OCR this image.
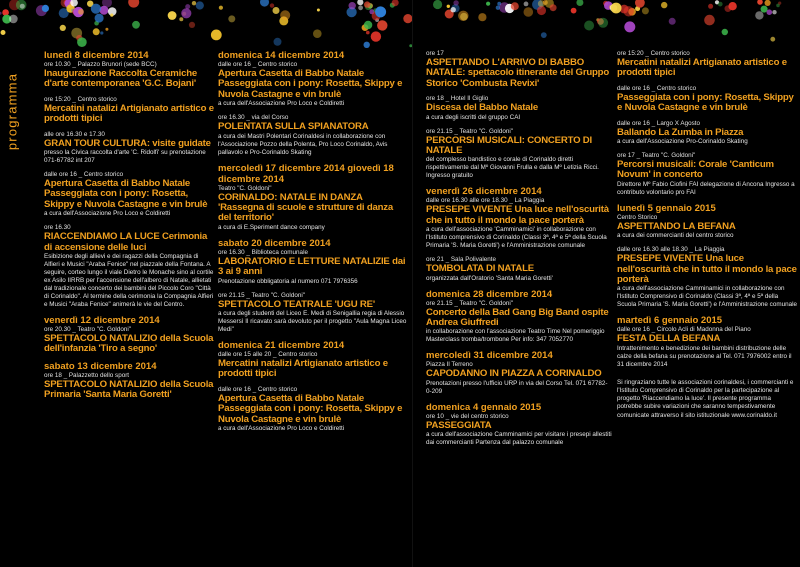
programma
lunedì 8 dicembre 2014
ore 10.30 _ Palazzo Brunori (sede BCC)
Inaugurazione Raccolta Ceramiche d'arte contemporanea 'G.C. Bojani'
ore 15:20 _ Centro storico
Mercatini natalizi Artigianato artistico e prodotti tipici
alle ore 16.30 e 17.30
GRAN TOUR CULTURA: visite guidate
presso la Civica raccolta d'arte 'C. Ridolfi' su prenotazione 071-67782 int 207
dalle ore 16 _ Centro storico
Apertura Casetta di Babbo Natale Passeggiata con i pony: Rosetta, Skippy e Nuvola Castagne e vin brulè
a cura dell'Associazione Pro Loco e Coldiretti
ore 16.30
RIACCENDIAMO LA LUCE Cerimonia di accensione delle luci
Esibizione degli allievi e dei ragazzi della Compagnia di Alfieri e Musici "Araba Fenice" nel piazzale della Fontana. A seguire, corteo lungo il viale Dietro le Monache sino al cortile ex Asilo IIRRB per l'accensione dell'albero di Natale, allietati dal tradizionale concerto dei bambini del Piccolo Coro "Città di Corinaldo". Al termine della cerimonia la Compagnia Alfieri e Musici "Araba Fenice" animerà le vie del Centro.
venerdì 12 dicembre 2014
ore 20.30 _ Teatro "C. Goldoni"
SPETTACOLO NATALIZIO della Scuola dell'infanzia 'Tiro a segno'
sabato 13 dicembre 2014
ore 18 _ Palazzetto dello sport
SPETTACOLO NATALIZIO della Scuola Primaria 'Santa Maria Goretti'
domenica 14 dicembre 2014
dalle ore 16 _ Centro storico
Apertura Casetta di Babbo Natale Passeggiata con i pony: Rosetta, Skippy e Nuvola Castagne e vin brulè
a cura dell'Associazione Pro Loco e Coldiretti
ore 16.30 _ via del Corso
POLENTATA SULLA SPIANATORA
a cura dei Mastri Polentari Corinaldesi in collaborazione con l'Associazione Pozzo della Polenta, Pro Loco Corinaldo, Avis pallavolo e Pro-Corinaldo Skating
mercoledì 17 dicembre 2014 giovedì 18 dicembre 2014
Teatro "C. Goldoni"
CORINALDO: NATALE IN DANZA 'Rassegna di scuole e strutture di danza del territorio'
a cura di E.Speriment dance company
sabato 20 dicembre 2014
ore 16.30 _ Biblioteca comunale
LABORATORIO E LETTURE NATALIZIE dai 3 ai 9 anni
Prenotazione obbligatoria al numero 071 7976356
ore 21.15 _ Teatro "C. Goldoni"
SPETTACOLO TEATRALE 'UGU RE'
a cura degli studenti del Liceo E. Medi di Senigallia regia di Alessio Messersì Il ricavato sarà devoluto per il progetto "Aula Magna Liceo Medi"
domenica 21 dicembre 2014
dalle ore 15 alle 20 _ Centro storico
Mercatini natalizi Artigianato artistico e prodotti tipici
dalle ore 16 _ Centro storico
Apertura Casetta di Babbo Natale Passeggiata con i pony: Rosetta, Skippy e Nuvola Castagne e vin brulè
a cura dell'Associazione Pro Loco e Coldiretti
ore 17
ASPETTANDO L'ARRIVO DI BABBO NATALE: spettacolo itinerante del Gruppo Storico 'Combusta Revixi'
ore 18 _ Hotel Il Giglio
Discesa del Babbo Natale
a cura degli iscritti del gruppo CAI
ore 21.15 _ Teatro "C. Goldoni"
PERCORSI MUSICALI: CONCERTO DI NATALE
del complesso bandistico e corale di Corinaldo diretti rispettivamente dal Mº Giovanni Frulla e dalla Mº Letizia Ricci. Ingresso gratuito
venerdì 26 dicembre 2014
dalle ore 16.30 alle ore 18.30 _ La Piaggia
PRESEPE VIVENTE Una luce nell'oscurità che in tutto il mondo la pace porterà
a cura dell'associazione 'Camminamici' in collaborazione con l'Istituto comprensivo di Corinaldo (Classi 3ª, 4ª e 5ª della Scuola Primaria 'S. Maria Goretti') e l'Amministrazione comunale
ore 21 _ Sala Polivalente
TOMBOLATA DI NATALE
organizzata dall'Oratorio 'Santa Maria Goretti'
domenica 28 dicembre 2014
ore 21.15 _ Teatro "C. Goldoni"
Concerto della Bad Gang Big Band ospite Andrea Giuffredi
in collaborazione con l'associazione Teatro Time Nel pomeriggio Masterclass tromba/trombone Per info: 347 7052770
mercoledì 31 dicembre 2014
Piazza Il Terreno
CAPODANNO IN PIAZZA A CORINALDO
Prenotazioni presso l'ufficio URP in via del Corso Tel. 071 67782-0-209
domenica 4 gennaio 2015
ore 10 _ vie del centro storico
PASSEGGIATA
a cura dell'associazione Camminamici per visitare i presepi allestiti dai commercianti Partenza dal palazzo comunale
ore 15:20 _ Centro storico
Mercatini natalizi Artigianato artistico e prodotti tipici
dalle ore 16 _ Centro storico
Passeggiata con i pony: Rosetta, Skippy e Nuvola Castagne e vin brulè
dalle ore 16 _ Largo X Agosto
Ballando La Zumba in Piazza
a cura dell'Associazione Pro-Corinaldo Skating
ore 17 _ Teatro "C. Goldoni"
Percorsi musicali: Corale 'Canticum Novum' in concerto
Direttore Mº Fabio Ciofini FAI delegazione di Ancona Ingresso a contributo volontario pro FAI
lunedì 5 gennaio 2015
Centro Storico
ASPETTANDO LA BEFANA
a cura dei commercianti del centro storico
dalle ore 16.30 alle 18.30 _ La Piaggia
PRESEPE VIVENTE Una luce nell'oscurità che in tutto il mondo la pace porterà
a cura dell'associazione Camminamici in collaborazione con l'Istituto Comprensivo di Corinaldo (Classi 3ª, 4ª e 5ª della Scuola Primaria 'S. Maria Goretti') e l'Amministrazione comunale
martedì 6 gennaio 2015
dalle ore 16 _ Circolo Acli di Madonna del Piano
FESTA DELLA BEFANA
Intrattenimento e benedizione dei bambini distribuzione delle calze della befana su prenotazione al Tel. 071 7976002 entro il 31 dicembre 2014
Si ringraziano tutte le associazioni corinaldesi, i commercianti e l'Istituto Comprensivo di Corinaldo per la partecipazione al progetto 'Riaccendiamo la luce'. Il presente programma potrebbe subire variazioni che saranno tempestivamente comunicate attraverso il sito istituzionale www.corinaldo.it
